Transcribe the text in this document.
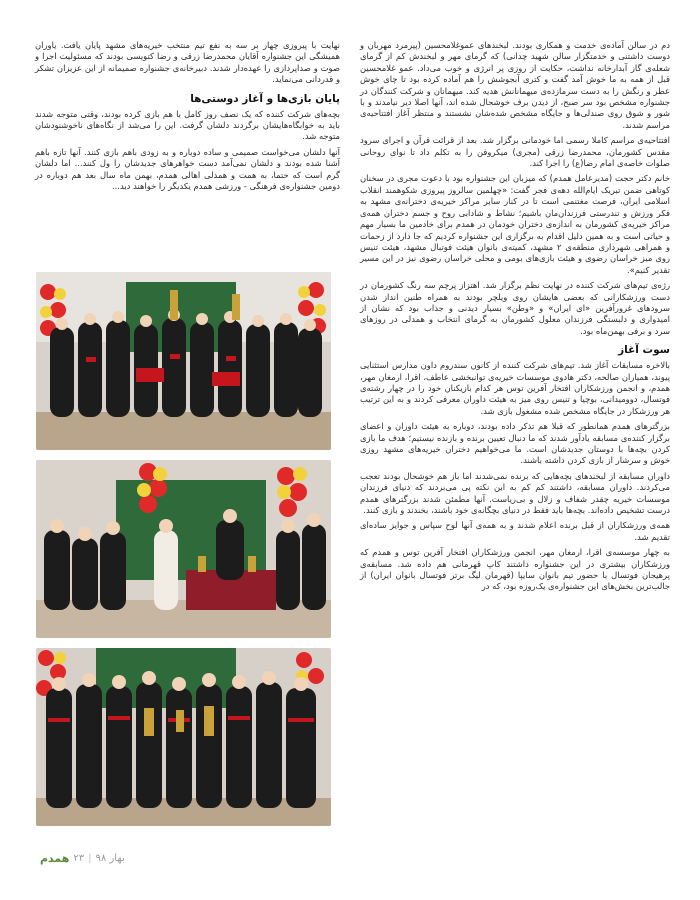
دم در سالن آماده‌ی خدمت و همکاری بودند. لبخندهای عموغلامحسین (پیرمرد مهربان و دوست داشتنی و خدمتگزار سالن شهید چدانی) که گرمای مهر و لبخندش کم از گرمای شعله‌ی گاز آبدارخانه نداشت، حکایت از روزی پر انرژی و خوب می‌داد. عمو غلامحسین قبل از همه به ما خوش آمد گفت و کتری آبجوشش را هم آماده کرده بود تا چای خوش عطر و رنگش را به دست سرمازده‌ی میهمانانش هدیه کند. میهمانان و شرکت کنندگان در جشنواره مشخص بود سر صبح، از دیدن برف خوشحال شده اند، آنها اصلا دیر نیامدند و با شور و شوق روی صندلی‌ها و جایگاه مشخص شده‌شان نشستند و منتظر آغاز افتتاحیه‌ی مراسم شدند.

افتتاحیه‌ی مراسم کاملا رسمی اما خودمانی برگزار شد. بعد از قرائت قرآن و اجرای سرود مقدس کشورمان، محمدرضا زرقی (مجری) میکروفن را به تکلم داد تا نوای روحانی صلوات خاصه‌ی امام رضا(ع) را اجرا کند.

خانم دکتر حجت (مدیرعامل همدم) که میزبان این جشنواره بود با دعوت مجری در سخنان کوتاهی ضمن تبریک ایام‌الله دهه‌ی فجر گفت: «چهلمین سالروز پیروزی شکوهمند انقلاب اسلامی ایران، فرصت مغتنمی است تا در کنار سایر مراکز خیریه‌ی دخترانه‌ی مشهد به فکر ورزش و تندرستی فرزندان‌مان باشیم؛ نشاط و شادابی روح و جسم دختران همه‌ی مراکز خیریه‌ی کشورمان به اندازه‌ی دختران خودمان در همدم برای خادمین ما بسیار مهم و حیاتی است و به همین دلیل اقدام به برگزاری این جشنواره کردیم که جا دارد از زحمات و همراهی شهرداری منطقه‌ی ۲ مشهد، کمیته‌ی بانوان هیئت فوتبال مشهد، هیئت تنیس روی میز خراسان رضوی و هیئت بازی‌های بومی و محلی خراسان رضوی نیز در این مسیر تقدیر کنیم».

رژه‌ی تیم‌های شرکت کننده در نهایت نظم برگزار شد. اهتزاز پرچم سه رنگ کشورمان در دست ورزشکارانی که بعضی هایشان روی ویلچر بودند به همراه طنین انداز شدن سرودهای غرورآفرین «ای ایران» و «وطن» بسیار دیدنی و جذاب بود که نشان از امیدواری و دلبستگی فرزندان معلول کشورمان به گرمای انتخاب و همدلی در روزهای سرد و برفی بهمن‌ماه بود.

سوت آغاز

بالاخره مسابقات آغاز شد. تیم‌های شرکت کننده از کانون سندروم داون مدارس استثنایی پیوند، همیاران صالحه، دکتر هادوی موسسات خیریه‌ی توانبخشی عاطف، اقرا، ارمغان مهر، همدم، و انجمن ورزشکاران افتخار آفرین توس هر کدام بازیکنان خود را در چهار رشته‌ی فوتسال، دوومیدانی، بوچیا و تنیس روی میز به هیئت داوران معرفی کردند و به این ترتیب هر ورزشکار در جایگاه مشخص شده مشغول بازی شد.

بزرگترهای همدم همانطور که قبلا هم تذکر داده بودند، دوباره به هیئت داوران و اعضای برگزار کننده‌ی مسابقه یادآور شدند که ما دنبال تعیین برنده و بازنده نیستیم؛ هدف ما بازی کردن بچه‌ها با دوستان جدیدشان است. ما می‌خواهیم دختران خیریه‌های مشهد روزی خوش و سرشار از بازی کردن داشته باشند.

داوران مسابقه از لبخندهای بچه‌هایی که برنده نمی‌شدند اما باز هم خوشحال بودند تعجب می‌کردند. داوران مسابقه، داشتند کم کم به این نکته پی می‌بردند که دنیای فرزندان موسسات خیریه چقدر شفاف و زلال و بی‌ریاست. آنها مطمئن شدند بزرگترهای همدم درست تشخیص داده‌اند. بچه‌ها باید فقط در دنیای بچگانه‌ی خود باشند، بخندند و بازی کنند.

همه‌ی ورزشکاران از قبل برنده اعلام شدند و به همه‌ی آنها لوح سپاس و جوایز ساده‌ای تقدیم شد.

به چهار موسسه‌ی اقرا، ارمغان مهر، انجمن ورزشکاران افتخار آفرین توس و همدم که ورزشکاران بیشتری در این جشنواره داشتند کاپ قهرمانی هم داده شد. مسابقه‌ی پرهیجان فوتسال با حضور تیم بانوان سایپا (قهرمان لیگ برتر فوتسال بانوان ایران) از جالب‌ترین بخش‌های این جشنواره‌ی یک‌روزه بود، که در

نهایت با پیروزی چهار بر سه به نفع تیم منتخب خیریه‌های مشهد پایان یافت. یاوران همیشگی این جشنواره آقایان محمدرضا زرقی و رضا کتویسی بودند که مسئولیت اجرا و صوت و صداپردازی را عهده‌دار شدند. دبیرخانه‌ی جشنواره صمیمانه از این عزیزان تشکر و قدردانی می‌نماید.

پایان بازی‌ها و آغاز دوستی‌ها

بچه‌های شرکت کننده که یک نصف روز کامل با هم بازی کرده بودند، وقتی متوجه شدند باید به خوابگاه‌هایشان برگردند دلشان گرفت. این را می‌شد از نگاه‌های ناخوشنودشان متوجه شد.

آنها دلشان می‌خواست صمیمی و ساده دوباره و به زودی باهم بازی کنند. آنها تازه باهم آشنا شده بودند و دلشان نمی‌آمد دست خواهرهای جدیدشان را ول کنند... اما دلشان گرم است که حتما، به همت و همدلی اهالی همدم، بهمن ماه سال بعد هم دوباره در دومین جشنواره‌ی فرهنگی - ورزشی همدم یکدیگر را خواهند دید...

بهار ۹۸
|
۲۳
همدم
